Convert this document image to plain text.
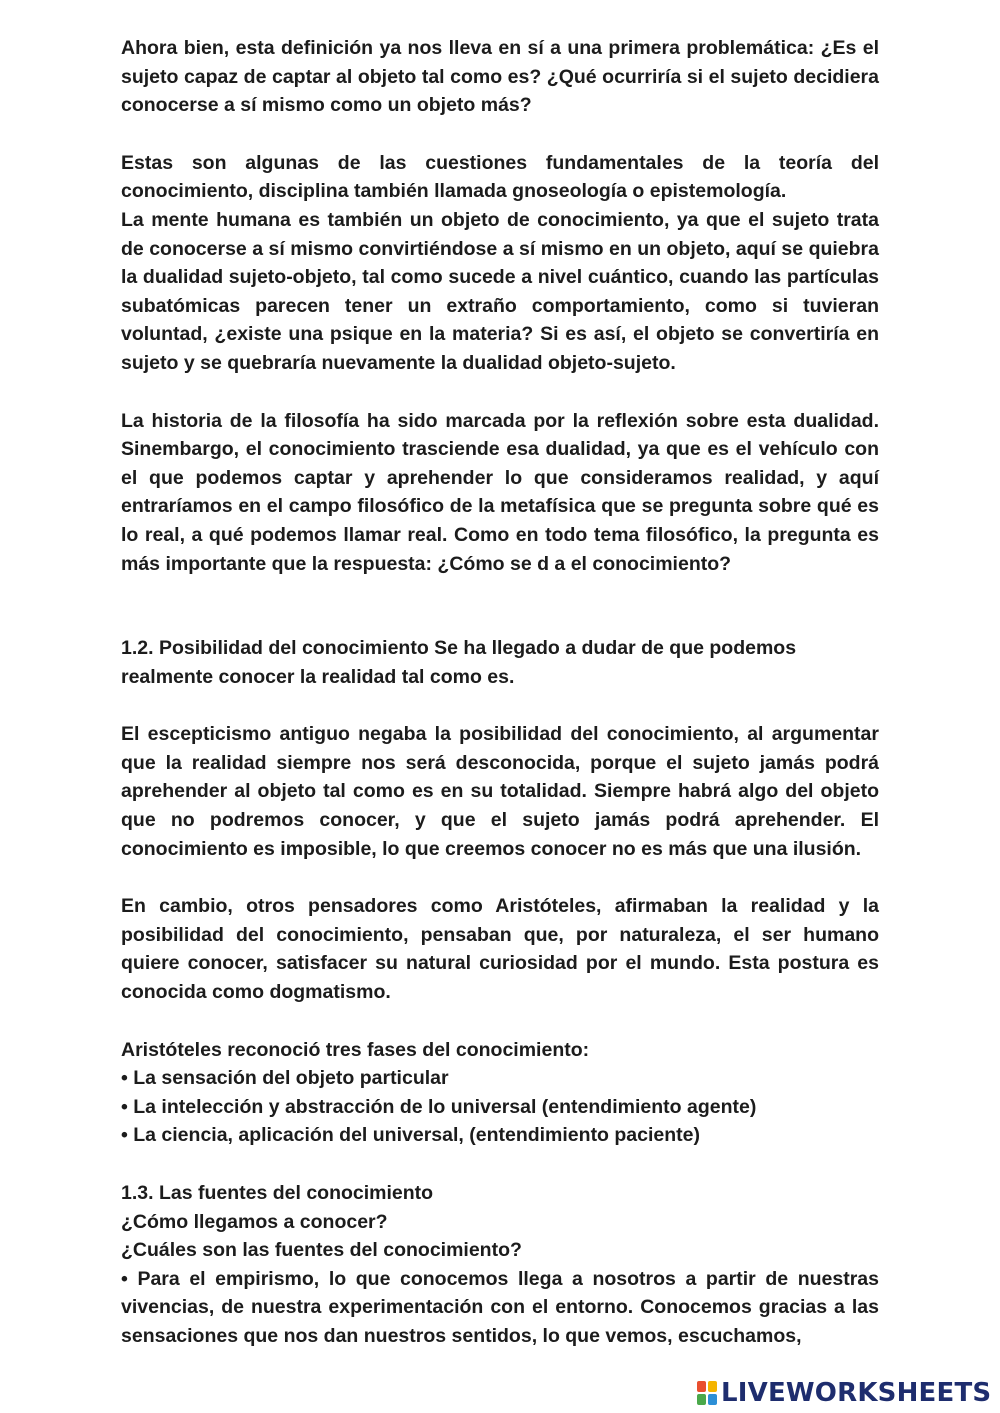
Ahora bien, esta definición ya nos lleva en sí a una primera problemática: ¿Es el sujeto capaz de captar al objeto tal como es? ¿Qué ocurriría si el sujeto decidiera conocerse a sí mismo como un objeto más?

Estas son algunas de las cuestiones fundamentales de la teoría del conocimiento, disciplina también llamada gnoseología o epistemología.

La mente humana es también un objeto de conocimiento, ya que el sujeto trata de conocerse a sí mismo convirtiéndose a sí mismo en un objeto, aquí se quiebra la dualidad sujeto-objeto, tal como sucede a nivel cuántico, cuando las partículas subatómicas parecen tener un extraño comportamiento, como si tuvieran voluntad, ¿existe una psique en la materia? Si es así, el objeto se convertiría en sujeto y se quebraría nuevamente la dualidad objeto-sujeto.

La historia de la filosofía ha sido marcada por la reflexión sobre esta dualidad. Sinembargo, el conocimiento trasciende esa dualidad, ya que es el vehículo con el que podemos captar y aprehender lo que consideramos realidad, y aquí entraríamos en el campo filosófico de la metafísica que se pregunta sobre qué es lo real, a qué podemos llamar real. Como en todo tema filosófico, la pregunta es más importante que la respuesta: ¿Cómo se d a el conocimiento?

1.2. Posibilidad del conocimiento Se ha llegado a dudar de que podemos realmente conocer la realidad tal como es.

El escepticismo antiguo negaba la posibilidad del conocimiento, al argumentar que la realidad siempre nos será desconocida, porque el sujeto jamás podrá aprehender al objeto tal como es en su totalidad. Siempre habrá algo del objeto que no podremos conocer, y que el sujeto jamás podrá aprehender. El conocimiento es imposible, lo que creemos conocer no es más que una ilusión.

En cambio, otros pensadores como Aristóteles, afirmaban la realidad y la posibilidad del conocimiento, pensaban que, por naturaleza, el ser humano quiere conocer, satisfacer su natural curiosidad por el mundo. Esta postura es conocida como dogmatismo.

Aristóteles reconoció tres fases del conocimiento:

• La sensación del objeto particular

• La intelección y abstracción de lo universal (entendimiento agente)

• La ciencia, aplicación del universal, (entendimiento paciente)

1.3. Las fuentes del conocimiento

¿Cómo llegamos a conocer?

¿Cuáles son las fuentes del conocimiento?

• Para el empirismo, lo que conocemos llega a nosotros a partir de nuestras vivencias, de nuestra experimentación con el entorno. Conocemos gracias a las sensaciones que nos dan nuestros sentidos, lo que vemos, escuchamos,

LIVEWORKSHEETS
